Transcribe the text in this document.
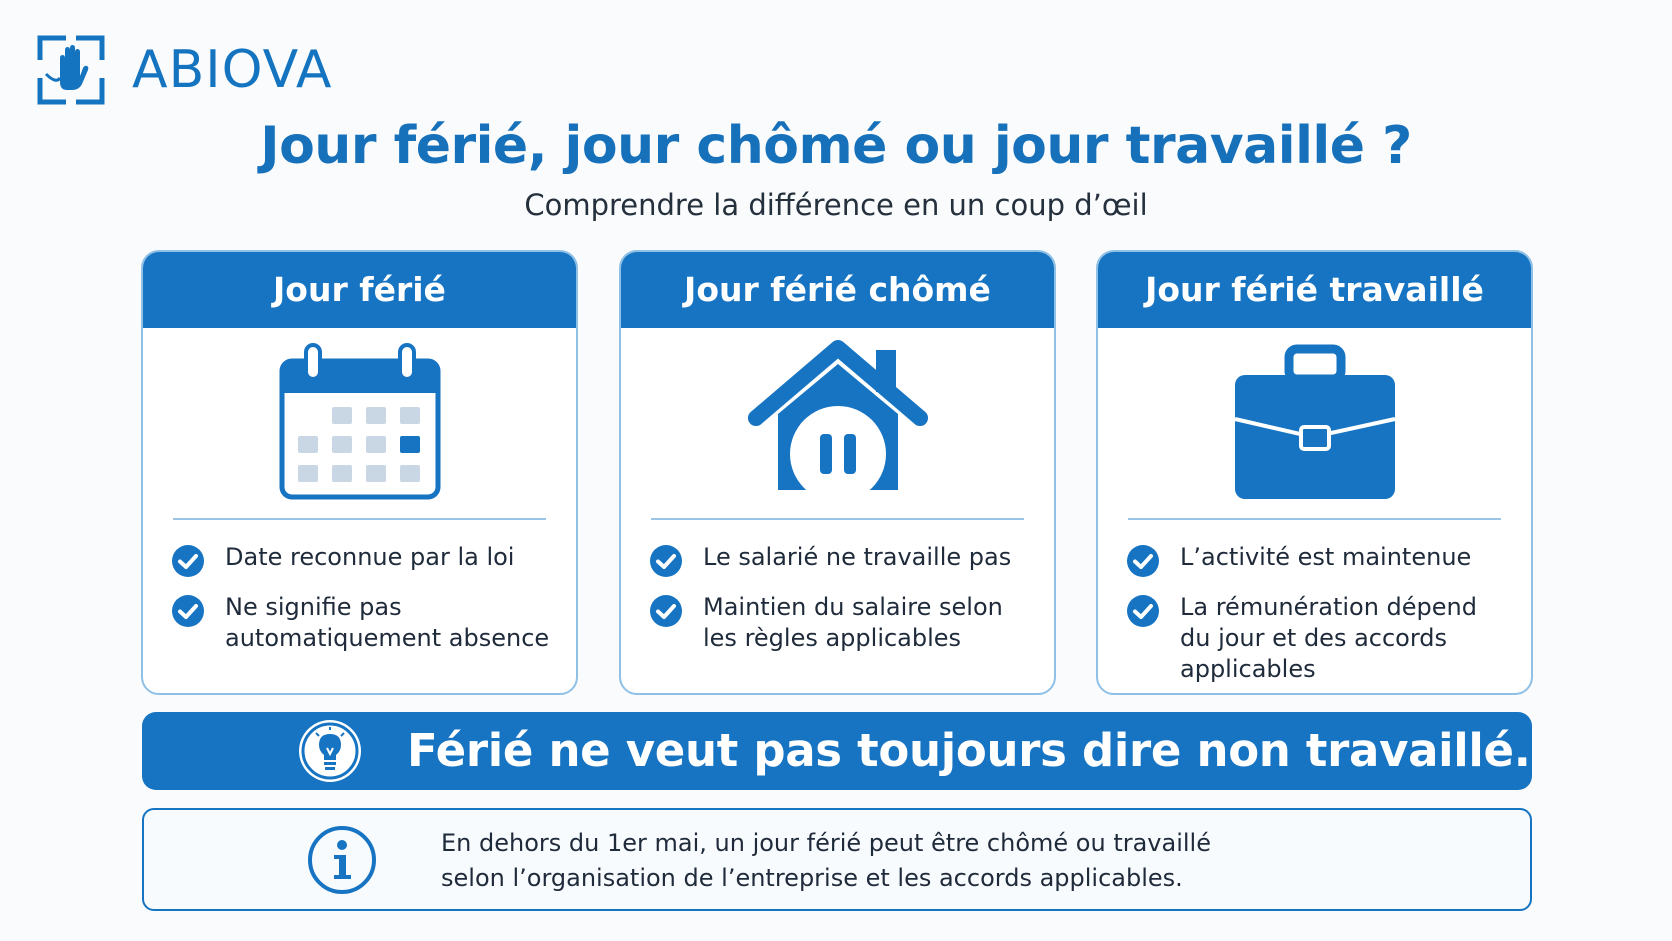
ABIOVA
Jour férié, jour chômé ou jour travaillé ?
Comprendre la différence en un coup d’œil
Jour férié
Date reconnue par la loi
Ne signifie pas
automatiquement absence
Jour férié chômé
Le salarié ne travaille pas
Maintien du salaire selon
les règles applicables
Jour férié travaillé
L’activité est maintenue
La rémunération dépend
du jour et des accords
applicables
Férié ne veut pas toujours dire non travaillé.
En dehors du 1er mai, un jour férié peut être chômé ou travaillé
selon l’organisation de l’entreprise et les accords applicables.
